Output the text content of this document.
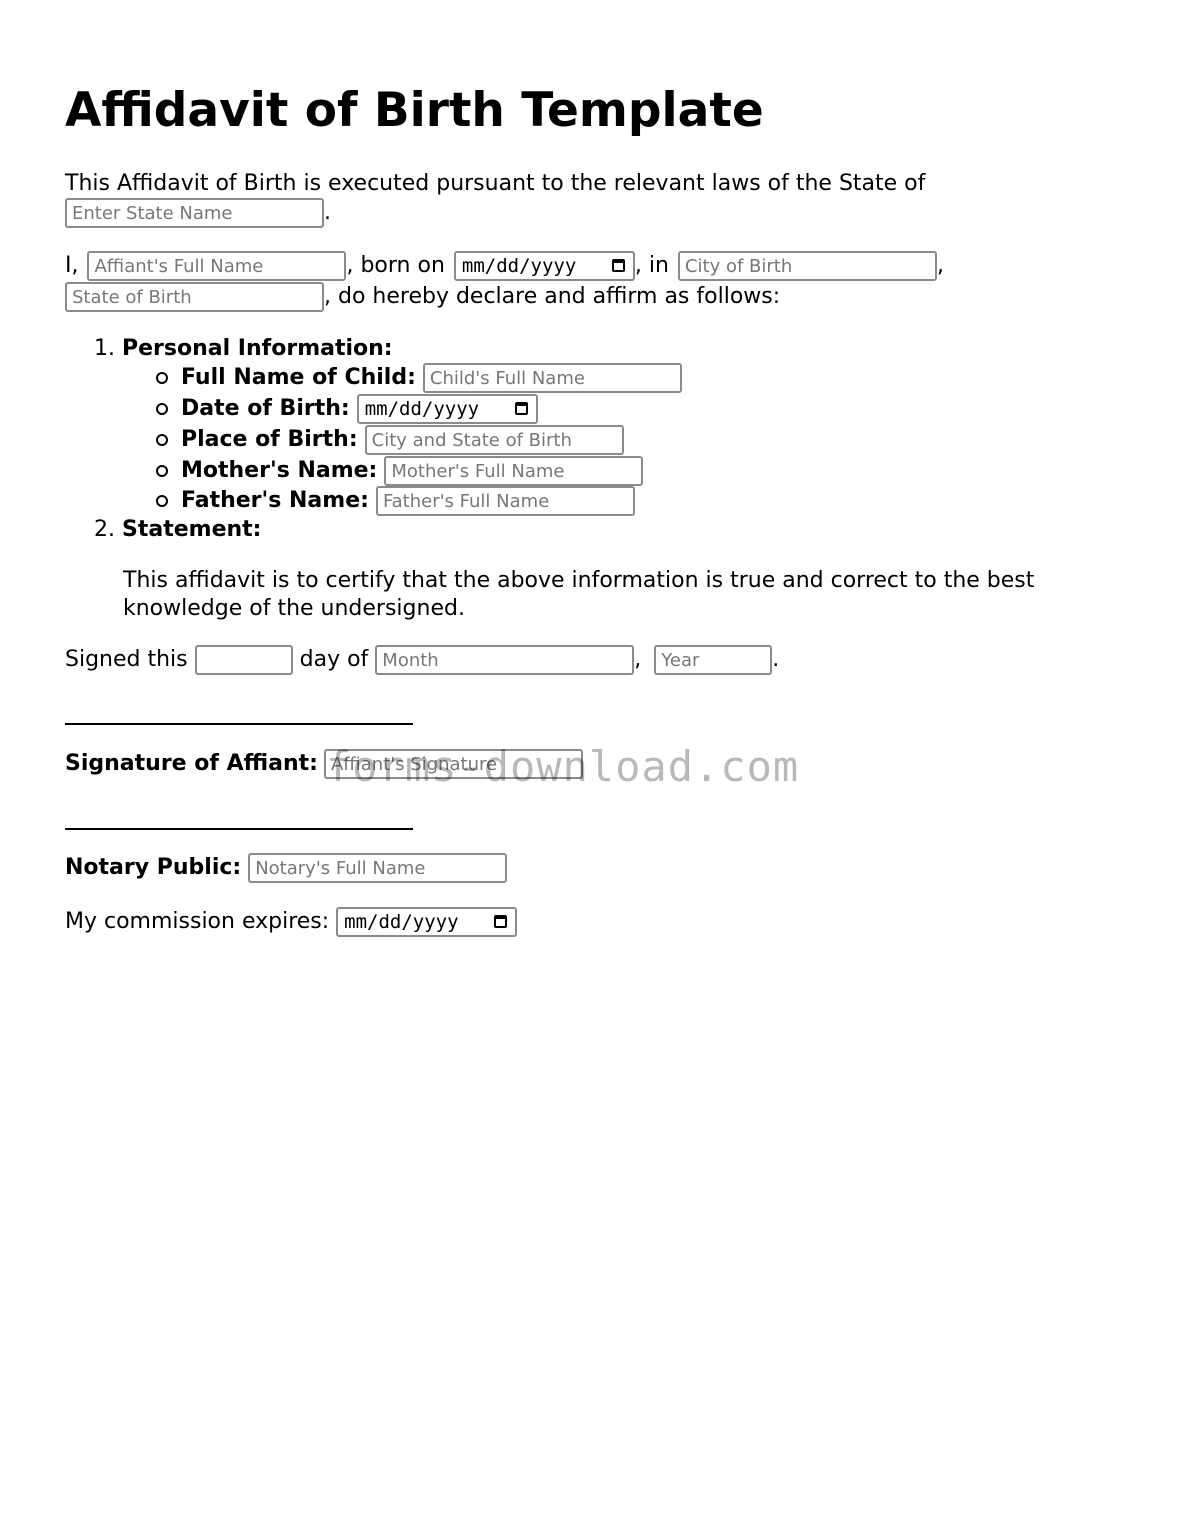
Affidavit of Birth Template
This Affidavit of Birth is executed pursuant to the relevant laws of the State of
Enter State Name.
I, Affiant's Full Name	, born on mm/dd/yyyy	, in City of Birth	,
State of Birth, do hereby declare and affirm as follows:
1. Personal Information:
Full Name of Child: Child's Full Name
Date of Birth: mm/dd/yyyy
Place of Birth: City and State of Birth
Mother's Name: Mother's Full Name
Father's Name: Father's Full Name
2. Statement:
This affidavit is to certify that the above information is true and correct to the best
knowledge of the undersigned.
Signed this	day of Month	, Year	.
Signature of Affiant:Affiant's Signature
Notary Public: Notary's Full Name
My commission expires: mm/dd/yyyy
forms-download.com
